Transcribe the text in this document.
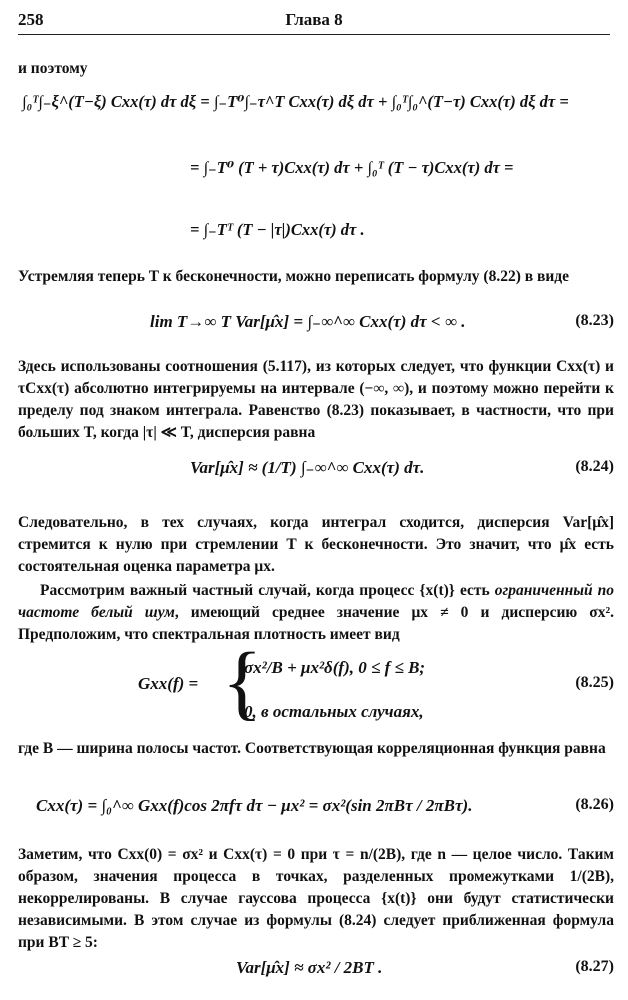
258	Глава 8
и поэтому
∫₀ᵀ∫₋ξ^(T−ξ) Cxx(τ) dτ dξ = ∫₋T⁰∫₋τ^T Cxx(τ) dξ dτ + ∫₀ᵀ∫₀^(T−τ) Cxx(τ) dξ dτ =
= ∫₋T⁰ (T + τ)Cxx(τ) dτ + ∫₀ᵀ (T − τ)Cxx(τ) dτ =
= ∫₋Tᵀ (T − |τ|)Cxx(τ) dτ .
Устремляя теперь T к бесконечности, можно переписать формулу (8.22) в виде
lim T→∞ T Var[μ̂x] = ∫₋∞^∞ Cxx(τ) dτ < ∞ .	(8.23)
Здесь использованы соотношения (5.117), из которых следует, что функции Cxx(τ) и τCxx(τ) абсолютно интегрируемы на интервале (−∞, ∞), и поэтому можно перейти к пределу под знаком интеграла. Равенство (8.23) показывает, в частности, что при больших T, когда |τ| ≪ T, дисперсия равна
Var[μ̂x] ≈ (1/T) ∫₋∞^∞ Cxx(τ) dτ.	(8.24)
Следовательно, в тех случаях, когда интеграл сходится, дисперсия Var[μ̂x] стремится к нулю при стремлении T к бесконечности. Это значит, что μ̂x есть состоятельная оценка параметра μx.
Рассмотрим важный частный случай, когда процесс {x(t)} есть ограниченный по частоте белый шум, имеющий среднее значение μx ≠ 0 и дисперсию σx². Предположим, что спектральная плотность имеет вид
Gxx(f) = {
σx²/B + μx²δ(f), 0 ≤ f ≤ B;
0, в остальных случаях,
(8.25)
где B — ширина полосы частот. Соответствующая корреляционная функция равна
Cxx(τ) = ∫₀^∞ Gxx(f)cos 2πfτ dτ − μx² = σx²(sin 2πBτ / 2πBτ).	(8.26)
Заметим, что Cxx(0) = σx² и Cxx(τ) = 0 при τ = n/(2B), где n — целое число. Таким образом, значения процесса в точках, разделенных промежутками 1/(2B), некоррелированы. В случае гауссова процесса {x(t)} они будут статистически независимыми. В этом случае из формулы (8.24) следует приближенная формула при BT ≥ 5:
Var[μ̂x] ≈ σx² / 2BT .	(8.27)
